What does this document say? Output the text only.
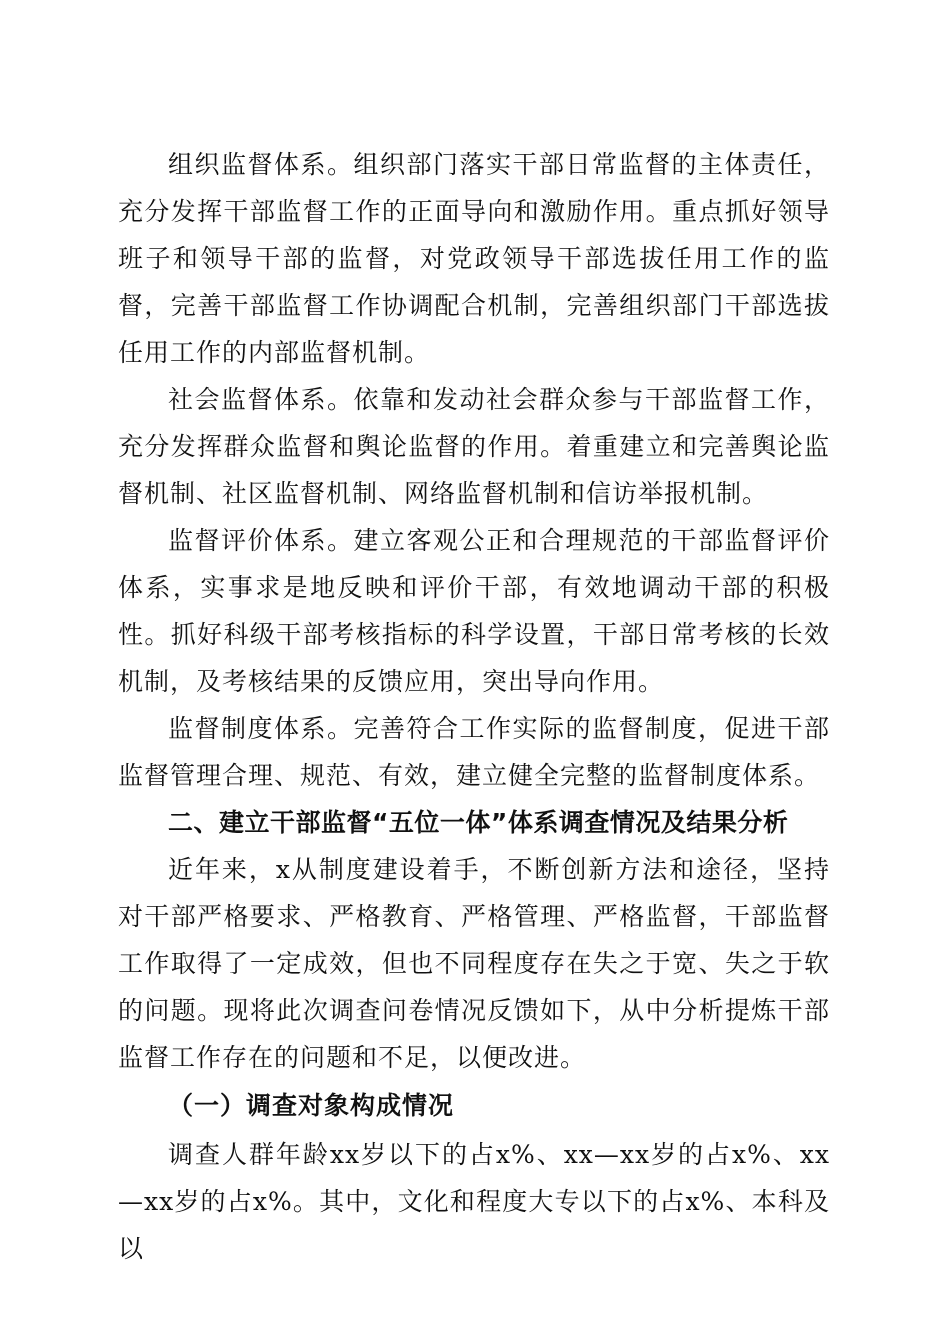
组织监督体系。组织部门落实干部日常监督的主体责任，充分发挥干部监督工作的正面导向和激励作用。重点抓好领导班子和领导干部的监督，对党政领导干部选拔任用工作的监督，完善干部监督工作协调配合机制，完善组织部门干部选拔任用工作的内部监督机制。

社会监督体系。依靠和发动社会群众参与干部监督工作，充分发挥群众监督和舆论监督的作用。着重建立和完善舆论监督机制、社区监督机制、网络监督机制和信访举报机制。

监督评价体系。建立客观公正和合理规范的干部监督评价体系，实事求是地反映和评价干部，有效地调动干部的积极性。抓好科级干部考核指标的科学设置，干部日常考核的长效机制，及考核结果的反馈应用，突出导向作用。

监督制度体系。完善符合工作实际的监督制度，促进干部监督管理合理、规范、有效，建立健全完整的监督制度体系。

二、建立干部监督“五位一体”体系调查情况及结果分析

近年来，x从制度建设着手，不断创新方法和途径，坚持对干部严格要求、严格教育、严格管理、严格监督，干部监督工作取得了一定成效，但也不同程度存在失之于宽、失之于软的问题。现将此次调查问卷情况反馈如下，从中分析提炼干部监督工作存在的问题和不足，以便改进。

（一）调查对象构成情况

调查人群年龄xx岁以下的占x%、xx—xx岁的占x%、xx—xx岁的占x%。其中，文化和程度大专以下的占x%、本科及以
